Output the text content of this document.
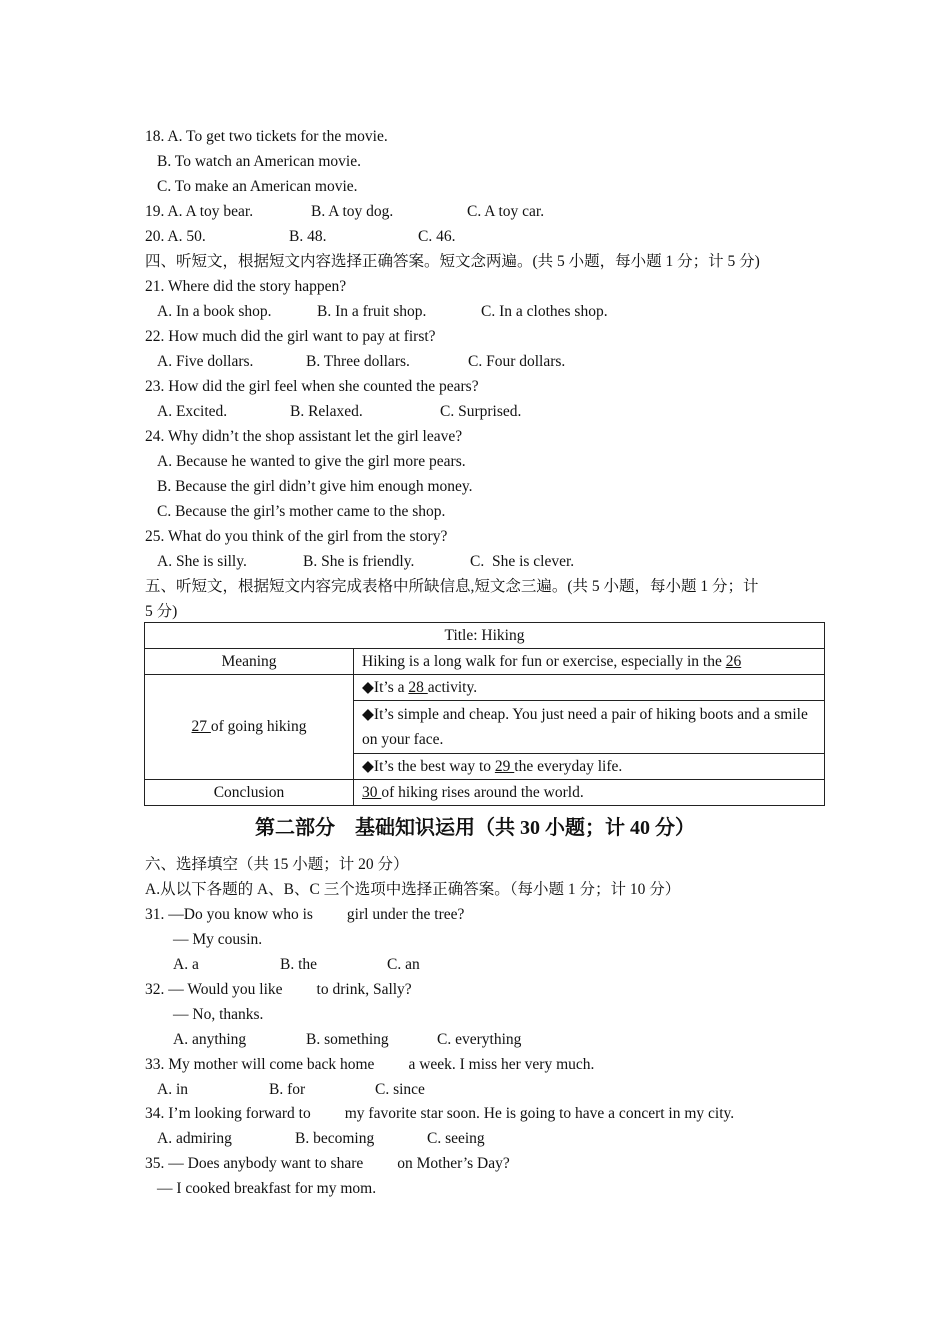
18. A. To get two tickets for the movie.
B. To watch an American movie.
C. To make an American movie.
19. A. A toy bear.	B. A toy dog.	C. A toy car.
20. A. 50.	B. 48.	C. 46.
四、听短文，根据短文内容选择正确答案。短文念两遍。(共 5 小题，每小题 1 分；计 5 分)
21. Where did the story happen?
A. In a book shop.	B. In a fruit shop.	C. In a clothes shop.
22. How much did the girl want to pay at first?
A. Five dollars.	B. Three dollars.	C. Four dollars.
23. How did the girl feel when she counted the pears?
A. Excited.	B. Relaxed.	C. Surprised.
24. Why didn’t the shop assistant let the girl leave?
A. Because he wanted to give the girl more pears.
B. Because the girl didn’t give him enough money.
C. Because the girl’s mother came to the shop.
25. What do you think of the girl from the story?
A. She is silly.	B. She is friendly.	C.  She is clever.
五、听短文，根据短文内容完成表格中所缺信息,短文念三遍。(共 5 小题，每小题 1 分；计
5 分)
Title: Hiking	
Meaning	Hiking is a long walk for fun or exercise, especially in the 26
27 of going hiking	◆It’s a 28 activity.
	◆It’s simple and cheap. You just need a pair of hiking boots and a smile on your face.
	◆It’s the best way to 29 the everyday life.
Conclusion	30 of hiking rises around the world.
第二部分　基础知识运用（共 30 小题；计 40 分）
六、选择填空（共 15 小题；计 20 分）
A.从以下各题的 A、B、C 三个选项中选择正确答案。（每小题 1 分；计 10 分）
31. —Do you know who is girl under the tree?
— My cousin.
A. a	B. the	C. an
32. — Would you like to drink, Sally?
— No, thanks.
A. anything	B. something	C. everything
33. My mother will come back home a week. I miss her very much.
A. in	B. for	C. since
34. I’m looking forward to my favorite star soon. He is going to have a concert in my city.
A. admiring	B. becoming	C. seeing
35. — Does anybody want to share on Mother’s Day?
— I cooked breakfast for my mom.
